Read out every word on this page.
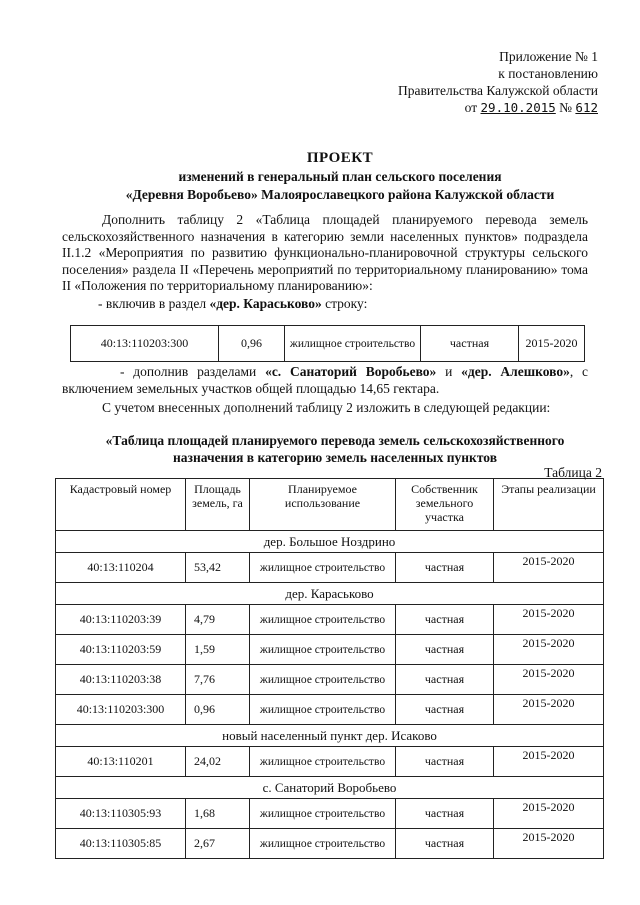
Приложение № 1
к постановлению
Правительства Калужской области
от 29.10.2015 № 612
ПРОЕКТ
изменений в генеральный план сельского поселения
«Деревня Воробьево» Малоярославецкого района Калужской области
Дополнить таблицу 2 «Таблица площадей планируемого перевода земель сельскохозяйственного назначения в категорию земли населенных пунктов» подраздела II.1.2 «Мероприятия по развитию функционально-планировочной структуры сельского поселения» раздела II «Перечень мероприятий по территориальному планированию» тома II «Положения по территориальному планированию»:
- включив в раздел «дер. Караськово» строку:
40:13:110203:300	0,96	жилищное строительство	частная	2015-2020
- дополнив разделами «с. Санаторий Воробьево» и «дер. Алешково», с включением земельных участков общей площадью 14,65 гектара.
С учетом внесенных дополнений таблицу 2 изложить в следующей редакции:
«Таблица площадей планируемого перевода земель сельскохозяйственного назначения в категорию земель населенных пунктов
Таблица 2
Кадастровый номер	Площадь земель, га	Планируемое использование	Собственник земельного участка	Этапы реализации
дер. Большое Ноздрино				
40:13:110204	53,42	жилищное строительство	частная	2015-2020
дер. Караськово				
40:13:110203:39	4,79	жилищное строительство	частная	2015-2020
40:13:110203:59	1,59	жилищное строительство	частная	2015-2020
40:13:110203:38	7,76	жилищное строительство	частная	2015-2020
40:13:110203:300	0,96	жилищное строительство	частная	2015-2020
новый населенный пункт дер. Исаково				
40:13:110201	24,02	жилищное строительство	частная	2015-2020
с. Санаторий Воробьево				
40:13:110305:93	1,68	жилищное строительство	частная	2015-2020
40:13:110305:85	2,67	жилищное строительство	частная	2015-2020
